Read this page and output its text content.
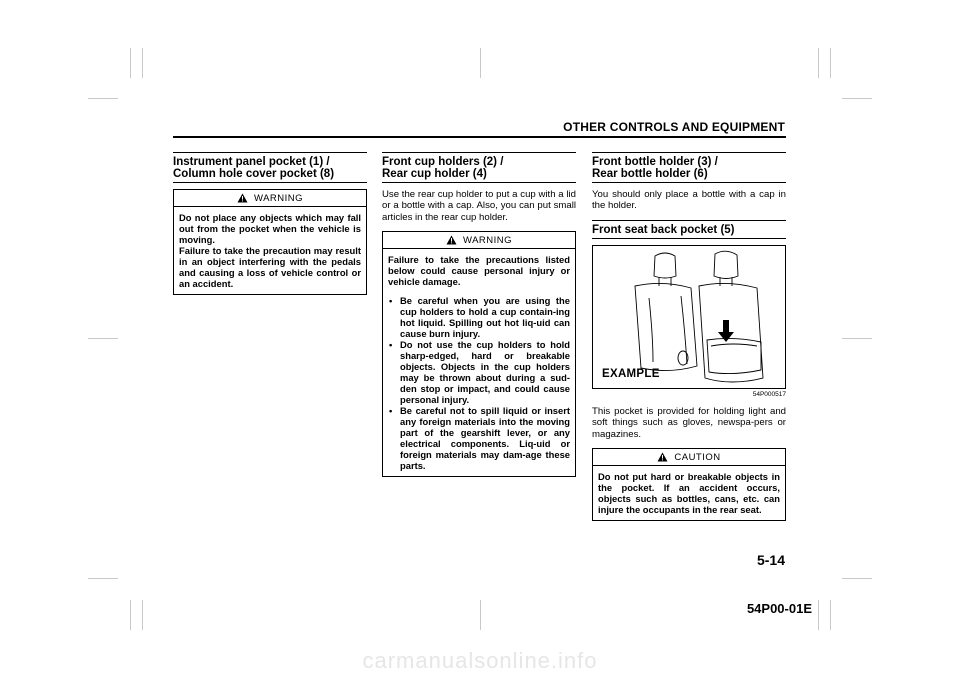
OTHER CONTROLS AND EQUIPMENT
Instrument panel pocket (1) /
Column hole cover pocket (8)
WARNING

Do not place any objects which may fall out from the pocket when the vehicle is moving.

Failure to take the precaution may result in an object interfering with the pedals and causing a loss of vehicle control or an accident.

Front cup holders (2) /
Rear cup holder (4)

Use the rear cup holder to put a cup with a lid or a bottle with a cap. Also, you can put small articles in the rear cup holder.

WARNING

Failure to take the precautions listed below could cause personal injury or vehicle damage.

• Be careful when you are using the cup holders to hold a cup contain-ing hot liquid. Spilling out hot liq-uid can cause burn injury.
• Do not use the cup holders to hold sharp-edged, hard or breakable objects. Objects in the cup holders may be thrown about during a sud-den stop or impact, and could cause personal injury.
• Be careful not to spill liquid or insert any foreign materials into the moving part of the gearshift lever, or any electrical components. Liq-uid or foreign materials may dam-age these parts.
Front bottle holder (3) /
Rear bottle holder (6)

You should only place a bottle with a cap in the holder.

Front seat back pocket (5)
EXAMPLE
54P000517

This pocket is provided for holding light and soft things such as gloves, newspa-pers or magazines.

CAUTION

Do not put hard or breakable objects in the pocket. If an accident occurs, objects such as bottles, cans, etc. can injure the occupants in the rear seat.

5-14
54P00-01E
carmanualsonline.info
